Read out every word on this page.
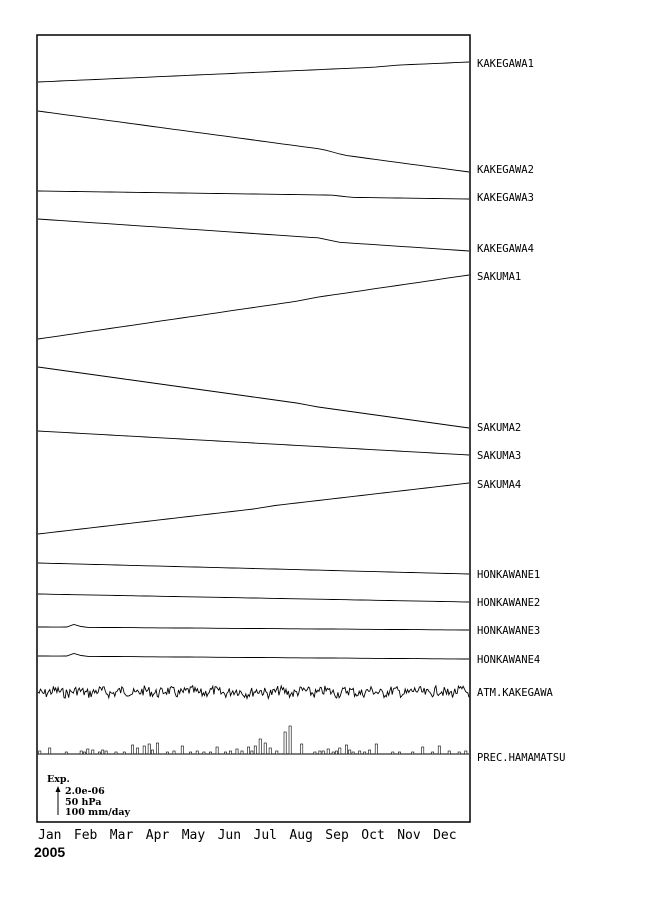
KAKEGAWA1
KAKEGAWA2
KAKEGAWA3
KAKEGAWA4
SAKUMA1
SAKUMA2
SAKUMA3
SAKUMA4
HONKAWANE1
HONKAWANE2
HONKAWANE3
HONKAWANE4
ATM.KAKEGAWA
PREC.HAMAMATSU
Exp.
2.0e-06
50 hPa
100 mm/day
Jan Feb Mar Apr May Jun Jul Aug Sep Oct Nov Dec
2005
